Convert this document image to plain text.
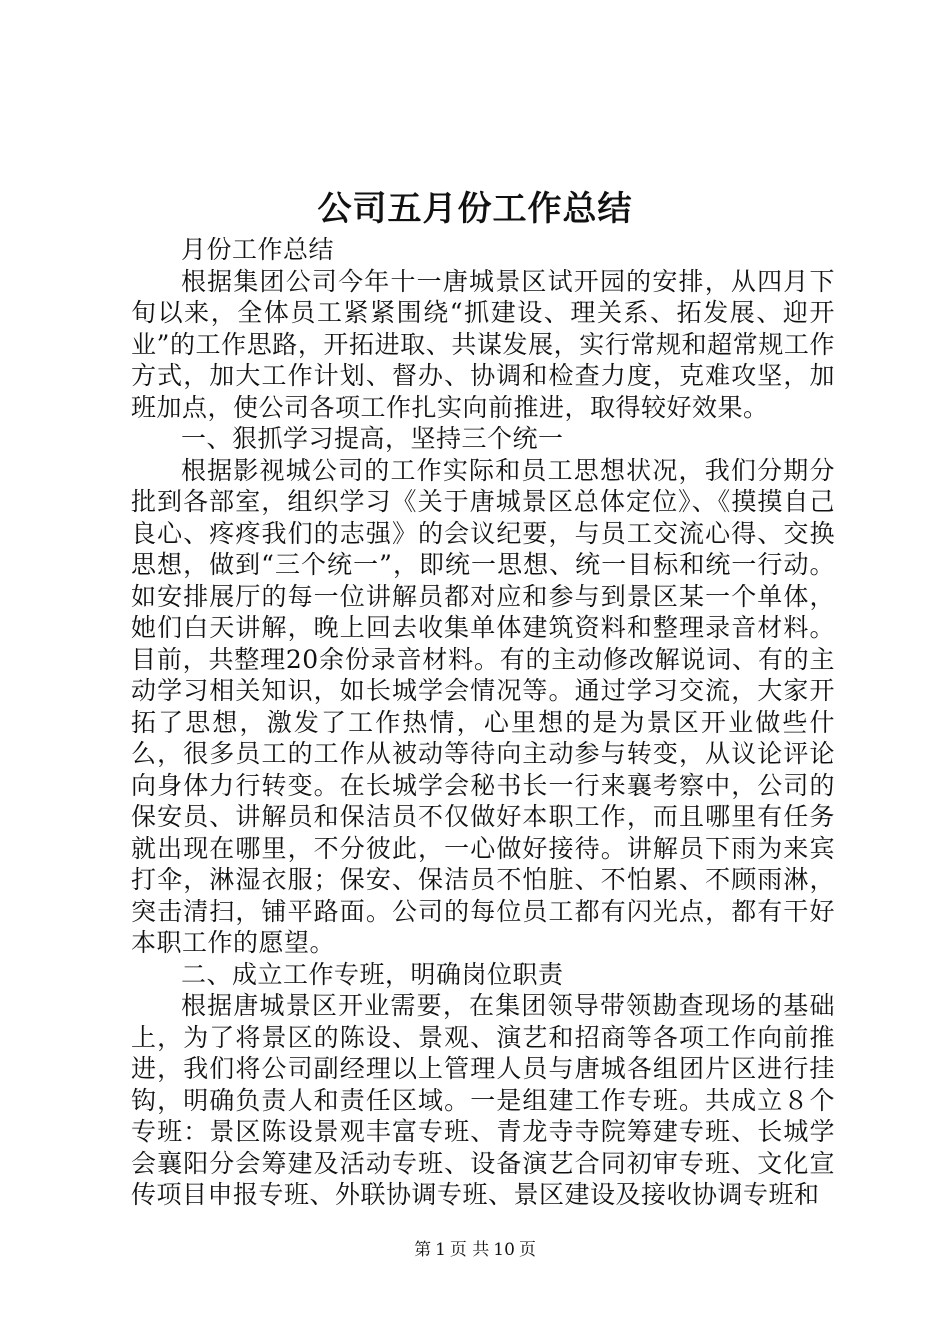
公司五月份工作总结

月份工作总结

根据集团公司今年十一唐城景区试开园的安排，从四月下旬以来，全体员工紧紧围绕“抓建设、理关系、拓发展、迎开业”的工作思路，开拓进取、共谋发展，实行常规和超常规工作方式，加大工作计划、督办、协调和检查力度，克难攻坚，加班加点，使公司各项工作扎实向前推进，取得较好效果。

一、狠抓学习提高，坚持三个统一

根据影视城公司的工作实际和员工思想状况，我们分期分批到各部室，组织学习《关于唐城景区总体定位》、《摸摸自己良心、疼疼我们的志强》的会议纪要，与员工交流心得、交换思想，做到“三个统一”，即统一思想、统一目标和统一行动。如安排展厅的每一位讲解员都对应和参与到景区某一个单体，她们白天讲解，晚上回去收集单体建筑资料和整理录音材料。目前，共整理20余份录音材料。有的主动修改解说词、有的主动学习相关知识，如长城学会情况等。通过学习交流，大家开拓了思想，激发了工作热情，心里想的是为景区开业做些什么，很多员工的工作从被动等待向主动参与转变，从议论评论向身体力行转变。在长城学会秘书长一行来襄考察中，公司的保安员、讲解员和保洁员不仅做好本职工作，而且哪里有任务就出现在哪里，不分彼此，一心做好接待。讲解员下雨为来宾打伞，淋湿衣服；保安、保洁员不怕脏、不怕累、不顾雨淋，突击清扫，铺平路面。公司的每位员工都有闪光点，都有干好本职工作的愿望。

二、成立工作专班，明确岗位职责

根据唐城景区开业需要，在集团领导带领勘查现场的基础上，为了将景区的陈设、景观、演艺和招商等各项工作向前推进，我们将公司副经理以上管理人员与唐城各组团片区进行挂钩，明确负责人和责任区域。一是组建工作专班。共成立８个专班：景区陈设景观丰富专班、青龙寺寺院筹建专班、长城学会襄阳分会筹建及活动专班、设备演艺合同初审专班、文化宣传项目申报专班、外联协调专班、景区建设及接收协调专班和

第 1 页 共 10 页
